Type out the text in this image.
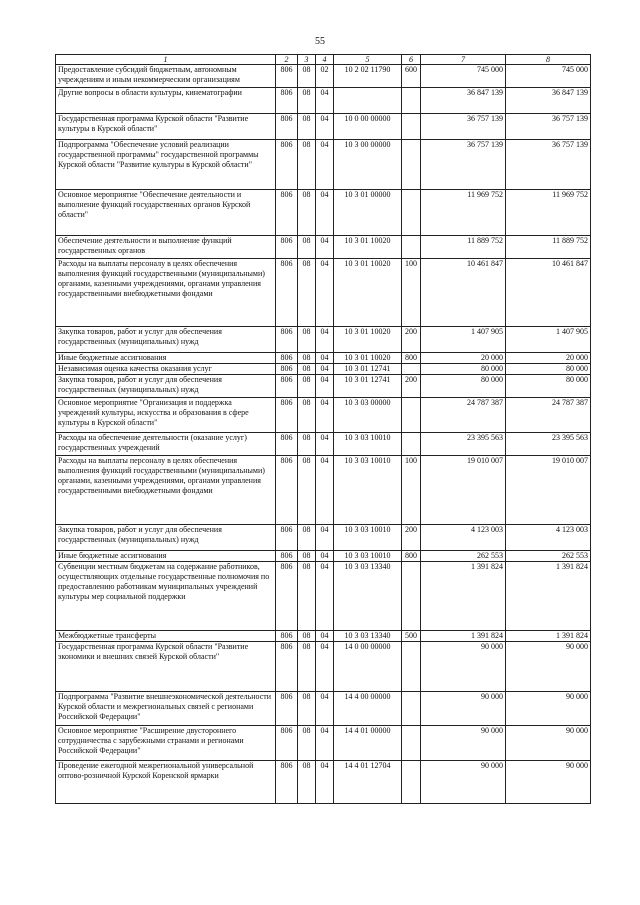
55
1	2	3	4	5	6	7	8
Предоставление субсидий бюджетным, автономным учреждениям и иным некоммерческим организациям	806	08	02	10 2 02 11790	600	745 000	745 000
Другие вопросы в области культуры, кинематографии	806	08	04			36 847 139	36 847 139
Государственная программа Курской области "Развитие культуры в Курской области"	806	08	04	10 0 00 00000		36 757 139	36 757 139
Подпрограмма "Обеспечение условий реализации государственной программы" государственной программы Курской области "Развитие культуры в Курской области"	806	08	04	10 3 00 00000		36 757 139	36 757 139
Основное мероприятие "Обеспечение деятельности и выполнение функций государственных органов Курской области"	806	08	04	10 3 01 00000		11 969 752	11 969 752
Обеспечение деятельности и выполнение функций государственных органов	806	08	04	10 3 01 10020		11 889 752	11 889 752
Расходы на выплаты персоналу в целях обеспечения выполнения функций государственными (муниципальными) органами, казенными учреждениями, органами управления государственными внебюджетными фондами	806	08	04	10 3 01 10020	100	10 461 847	10 461 847
Закупка товаров, работ и услуг для обеспечения государственных (муниципальных) нужд	806	08	04	10 3 01 10020	200	1 407 905	1 407 905
Иные бюджетные ассигнования	806	08	04	10 3 01 10020	800	20 000	20 000
Независимая оценка качества оказания услуг	806	08	04	10 3 01 12741		80 000	80 000
Закупка товаров, работ и услуг для обеспечения государственных (муниципальных) нужд	806	08	04	10 3 01 12741	200	80 000	80 000
Основное мероприятие "Организация и поддержка учреждений культуры, искусства и образования в сфере культуры в Курской области"	806	08	04	10 3 03 00000		24 787 387	24 787 387
Расходы на обеспечение деятельности (оказание услуг) государственных учреждений	806	08	04	10 3 03 10010		23 395 563	23 395 563
Расходы на выплаты персоналу в целях обеспечения выполнения функций государственными (муниципальными) органами, казенными учреждениями, органами управления государственными внебюджетными фондами	806	08	04	10 3 03 10010	100	19 010 007	19 010 007
Закупка товаров, работ и услуг для обеспечения государственных (муниципальных) нужд	806	08	04	10 3 03 10010	200	4 123 003	4 123 003
Иные бюджетные ассигнования	806	08	04	10 3 03 10010	800	262 553	262 553
Субвенции местным бюджетам на содержание работников, осуществляющих отдельные государственные полномочия по предоставлению работникам муниципальных учреждений культуры мер социальной поддержки	806	08	04	10 3 03 13340		1 391 824	1 391 824
Межбюджетные трансферты	806	08	04	10 3 03 13340	500	1 391 824	1 391 824
Государственная программа Курской области "Развитие экономики и внешних связей Курской области"	806	08	04	14 0 00 00000		90 000	90 000
Подпрограмма "Развитие внешнеэкономической деятельности Курской области и межрегиональных связей с регионами Российской Федерации"	806	08	04	14 4 00 00000		90 000	90 000
Основное мероприятие "Расширение двустороннего сотрудничества с зарубежными странами и регионами Российской Федерации"	806	08	04	14 4 01 00000		90 000	90 000
Проведение ежегодной межрегиональной универсальной оптово-розничной Курской Коренской ярмарки	806	08	04	14 4 01 12704		90 000	90 000
